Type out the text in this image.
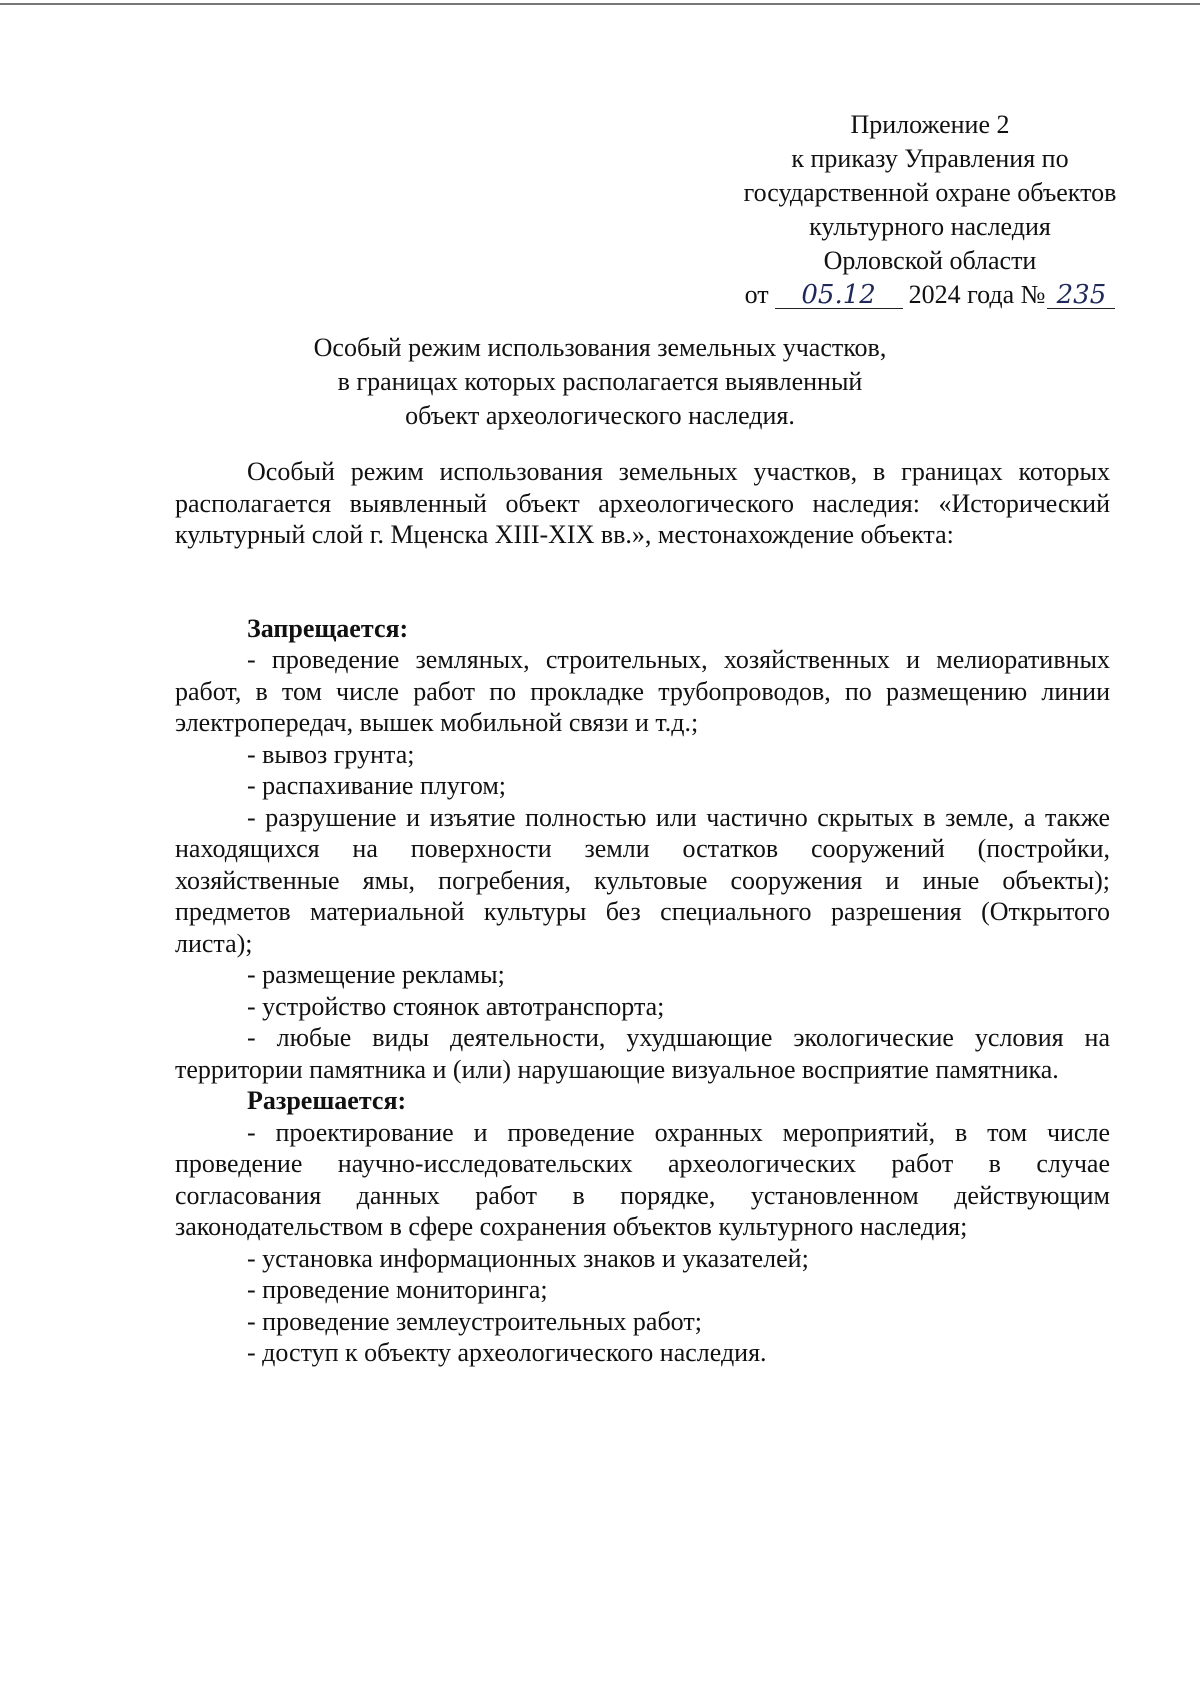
Приложение 2
к приказу Управления по
государственной охране объектов
культурного наследия
Орловской области
от 05.12 2024 года № 235
Особый режим использования земельных участков,
в границах которых располагается выявленный
объект археологического наследия.

Особый режим использования земельных участков, в границах которых располагается выявленный объект археологического наследия: «Исторический культурный слой г. Мценска XIII-XIX вв.», местонахождение объекта:

Запрещается:

- проведение земляных, строительных, хозяйственных и мелиоративных работ, в том числе работ по прокладке трубопроводов, по размещению линии электропередач, вышек мобильной связи и т.д.;

- вывоз грунта;

- распахивание плугом;

- разрушение и изъятие полностью или частично скрытых в земле, а также находящихся на поверхности земли остатков сооружений (постройки, хозяйственные ямы, погребения, культовые сооружения и иные объекты); предметов материальной культуры без специального разрешения (Открытого листа);

- размещение рекламы;

- устройство стоянок автотранспорта;

- любые виды деятельности, ухудшающие экологические условия на территории памятника и (или) нарушающие визуальное восприятие памятника.

Разрешается:

- проектирование и проведение охранных мероприятий, в том числе проведение научно-исследовательских археологических работ в случае согласования данных работ в порядке, установленном действующим законодательством в сфере сохранения объектов культурного наследия;

- установка информационных знаков и указателей;

- проведение мониторинга;

- проведение землеустроительных работ;

- доступ к объекту археологического наследия.
